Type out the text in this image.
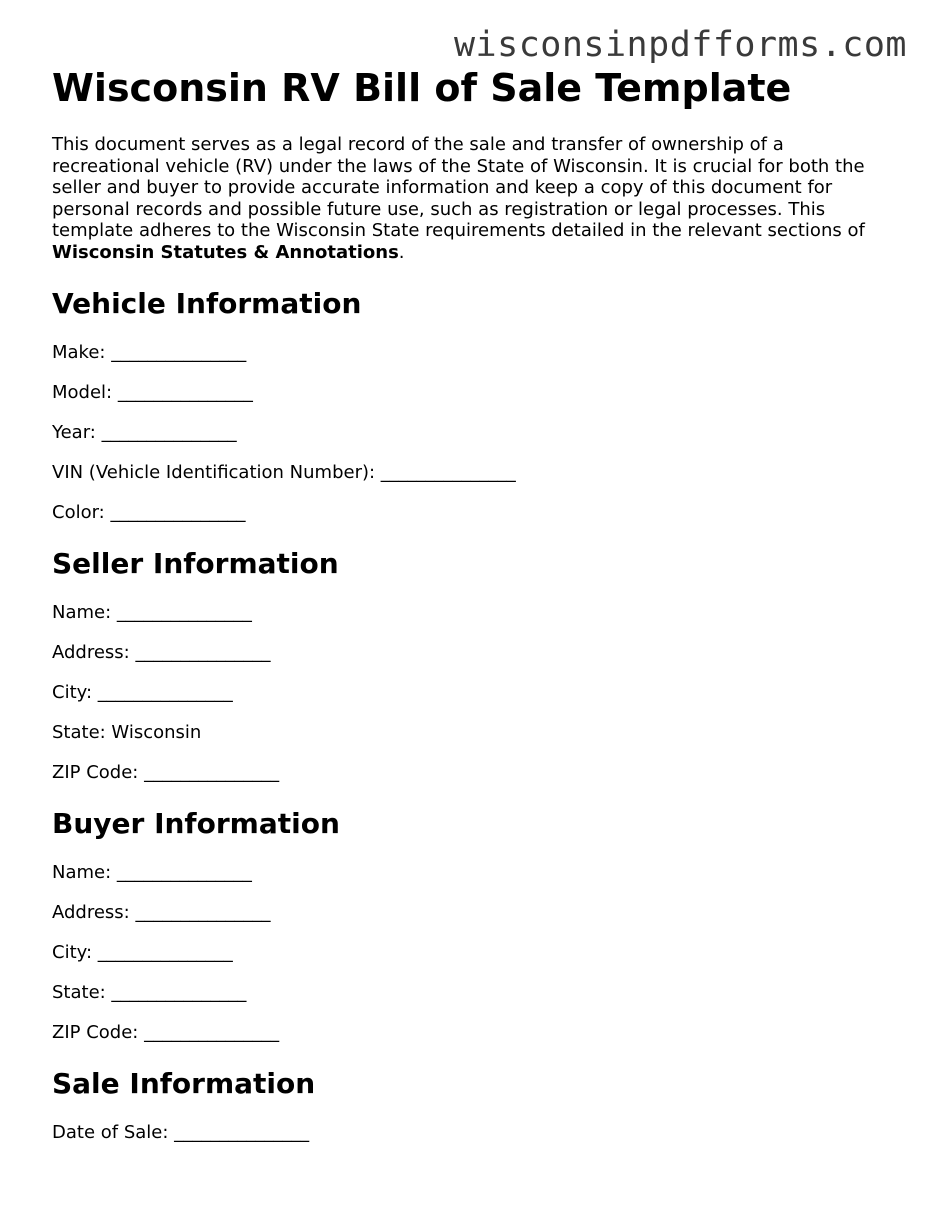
wisconsinpdfforms.com
Wisconsin RV Bill of Sale Template

This document serves as a legal record of the sale and transfer of ownership of a recreational vehicle (RV) under the laws of the State of Wisconsin. It is crucial for both the seller and buyer to provide accurate information and keep a copy of this document for personal records and possible future use, such as registration or legal processes. This template adheres to the Wisconsin State requirements detailed in the relevant sections of Wisconsin Statutes & Annotations.

Vehicle Information
Make: _______________
Model: _______________
Year: _______________
VIN (Vehicle Identification Number): _______________
Color: _______________
Seller Information
Name: _______________
Address: _______________
City: _______________
State: Wisconsin
ZIP Code: _______________
Buyer Information
Name: _______________
Address: _______________
City: _______________
State: _______________
ZIP Code: _______________
Sale Information
Date of Sale: _______________
